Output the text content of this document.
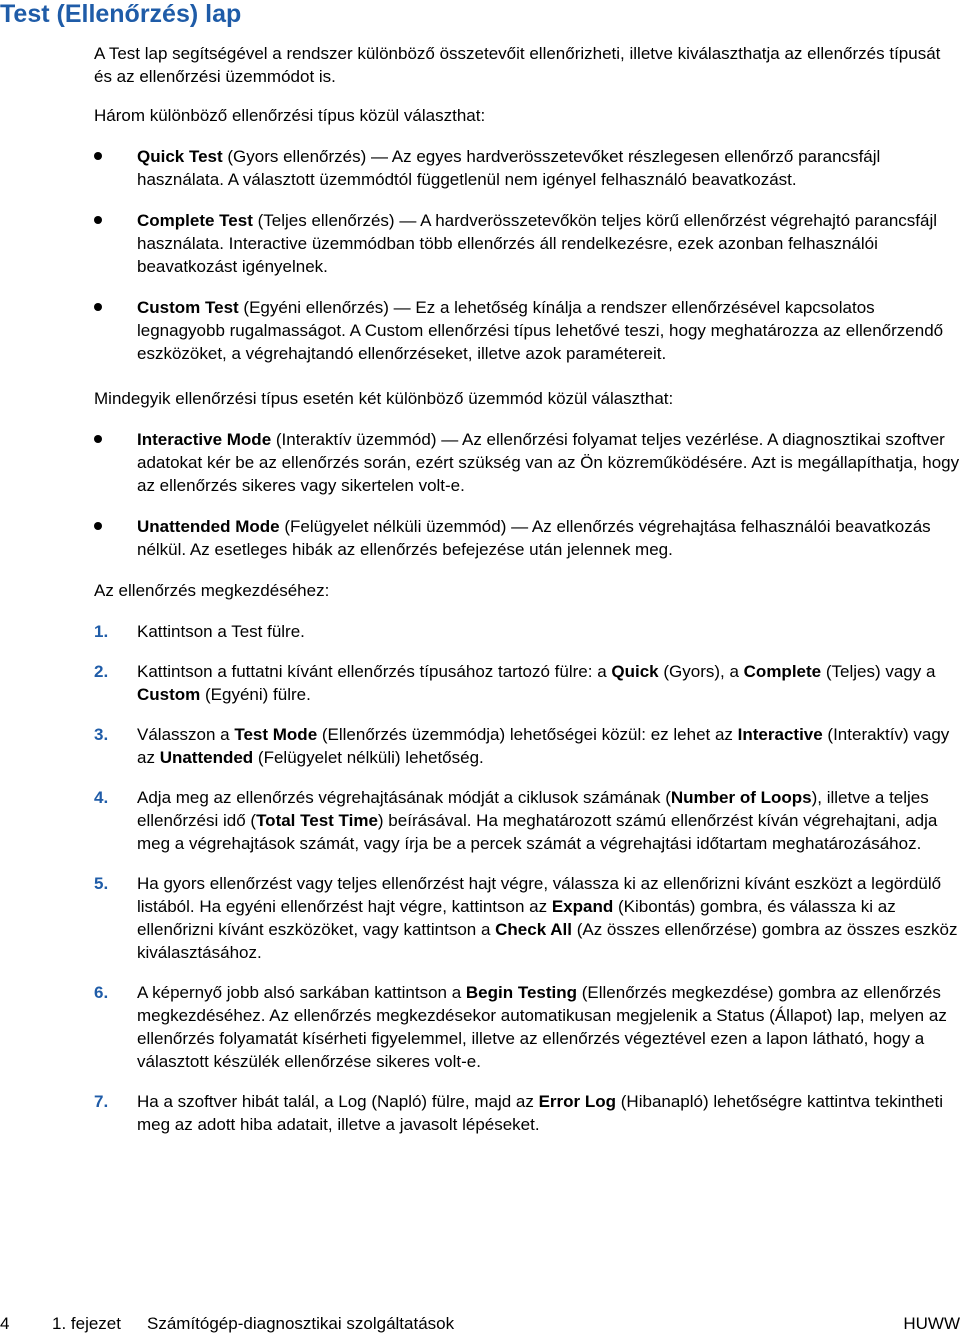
Test (Ellenőrzés) lap

A Test lap segítségével a rendszer különböző összetevőit ellenőrizheti, illetve kiválaszthatja az ellenőrzés típusát és az ellenőrzési üzemmódot is.

Három különböző ellenőrzési típus közül választhat:

Quick Test (Gyors ellenőrzés) — Az egyes hardverösszetevőket részlegesen ellenőrző parancsfájl használata. A választott üzemmódtól függetlenül nem igényel felhasználó beavatkozást.
Complete Test (Teljes ellenőrzés) — A hardverösszetevőkön teljes körű ellenőrzést végrehajtó parancsfájl használata. Interactive üzemmódban több ellenőrzés áll rendelkezésre, ezek azonban felhasználói beavatkozást igényelnek.
Custom Test (Egyéni ellenőrzés) — Ez a lehetőség kínálja a rendszer ellenőrzésével kapcsolatos legnagyobb rugalmasságot. A Custom ellenőrzési típus lehetővé teszi, hogy meghatározza az ellenőrzendő eszközöket, a végrehajtandó ellenőrzéseket, illetve azok paramétereit.

Mindegyik ellenőrzési típus esetén két különböző üzemmód közül választhat:

Interactive Mode (Interaktív üzemmód) — Az ellenőrzési folyamat teljes vezérlése. A diagnosztikai szoftver adatokat kér be az ellenőrzés során, ezért szükség van az Ön közreműködésére. Azt is megállapíthatja, hogy az ellenőrzés sikeres vagy sikertelen volt-e.
Unattended Mode (Felügyelet nélküli üzemmód) — Az ellenőrzés végrehajtása felhasználói beavatkozás nélkül. Az esetleges hibák az ellenőrzés befejezése után jelennek meg.

Az ellenőrzés megkezdéséhez:

1. Kattintson a Test fülre.
2. Kattintson a futtatni kívánt ellenőrzés típusához tartozó fülre: a Quick (Gyors), a Complete (Teljes) vagy a Custom (Egyéni) fülre.
3. Válasszon a Test Mode (Ellenőrzés üzemmódja) lehetőségei közül: ez lehet az Interactive (Interaktív) vagy az Unattended (Felügyelet nélküli) lehetőség.
4. Adja meg az ellenőrzés végrehajtásának módját a ciklusok számának (Number of Loops), illetve a teljes ellenőrzési idő (Total Test Time) beírásával. Ha meghatározott számú ellenőrzést kíván végrehajtani, adja meg a végrehajtások számát, vagy írja be a percek számát a végrehajtási időtartam meghatározásához.
5. Ha gyors ellenőrzést vagy teljes ellenőrzést hajt végre, válassza ki az ellenőrizni kívánt eszközt a legördülő listából. Ha egyéni ellenőrzést hajt végre, kattintson az Expand (Kibontás) gombra, és válassza ki az ellenőrizni kívánt eszközöket, vagy kattintson a Check All (Az összes ellenőrzése) gombra az összes eszköz kiválasztásához.
6. A képernyő jobb alsó sarkában kattintson a Begin Testing (Ellenőrzés megkezdése) gombra az ellenőrzés megkezdéséhez. Az ellenőrzés megkezdésekor automatikusan megjelenik a Status (Állapot) lap, melyen az ellenőrzés folyamatát kísérheti figyelemmel, illetve az ellenőrzés végeztével ezen a lapon látható, hogy a választott készülék ellenőrzése sikeres volt-e.
7. Ha a szoftver hibát talál, a Log (Napló) fülre, majd az Error Log (Hibanapló) lehetőségre kattintva tekintheti meg az adott hiba adatait, illetve a javasolt lépéseket.
4	1. fejezet Számítógép-diagnosztikai szolgáltatások	HUWW
